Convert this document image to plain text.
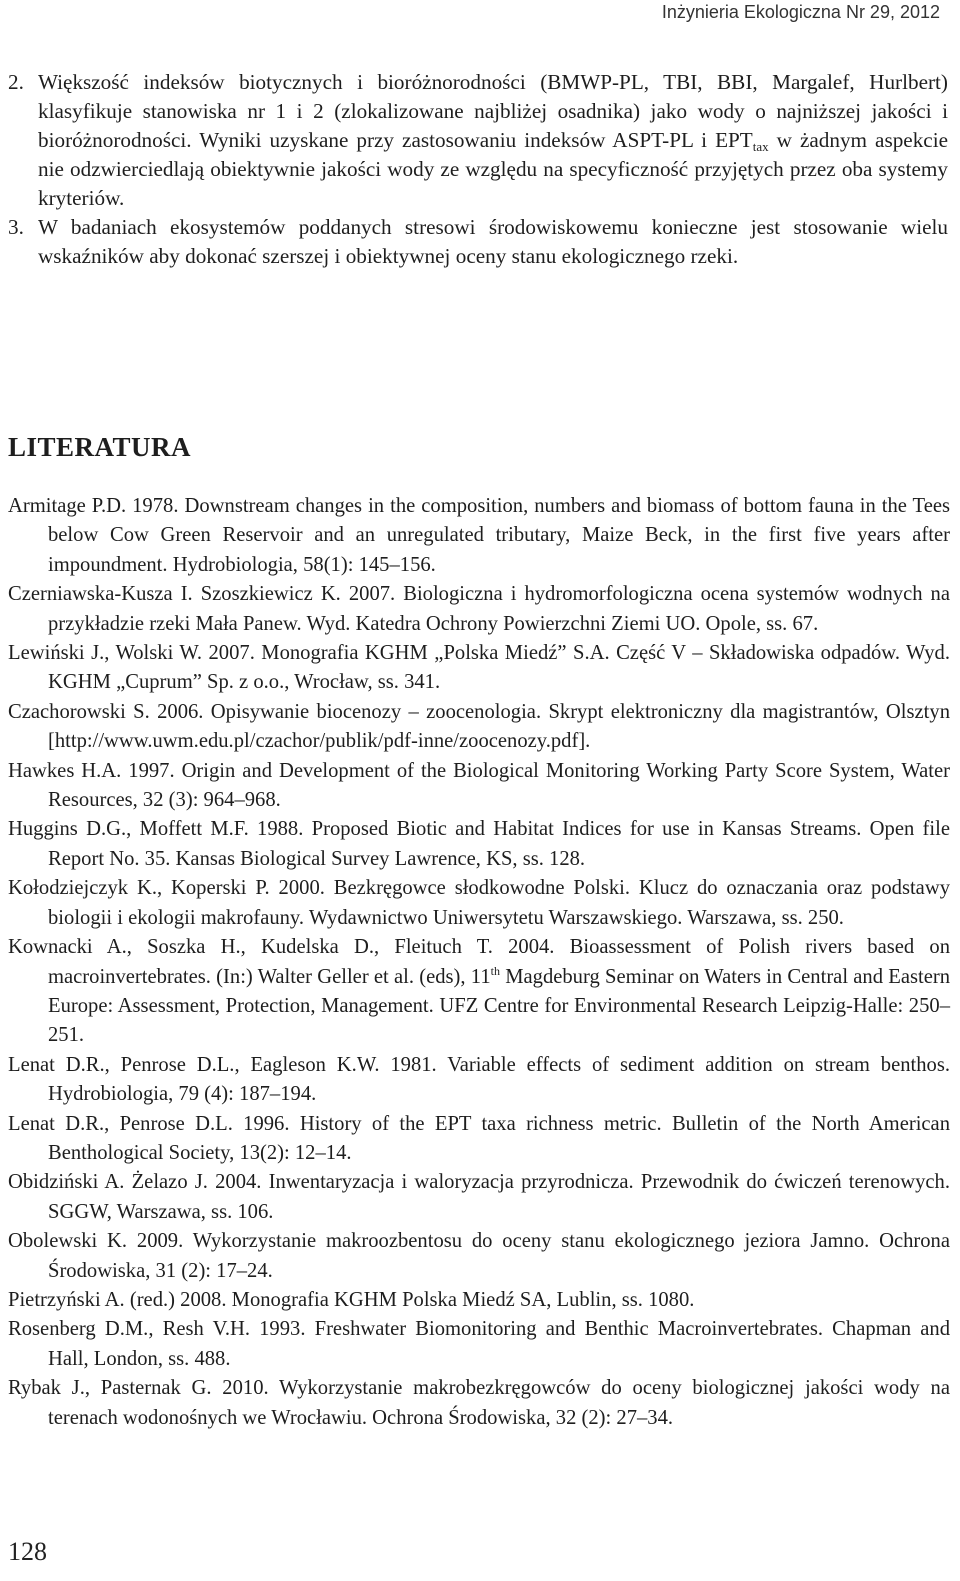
Inżynieria Ekologiczna Nr 29, 2012

2. Większość indeksów biotycznych i bioróżnorodności (BMWP-PL, TBI, BBI, Margalef, Hurlbert) klasyfikuje stanowiska nr 1 i 2 (zlokalizowane najbliżej osadnika) jako wody o najniższej jakości i bioróżnorodności. Wyniki uzyskane przy zastosowaniu indeksów ASPT-PL i $EPT_{tax}$ w żadnym aspekcie nie odzwierciedlają obiektywnie jakości wody ze względu na specyficzność przyjętych przez oba systemy kryteriów.

3. W badaniach ekosystemów poddanych stresowi środowiskowemu konieczne jest stosowanie wielu wskaźników aby dokonać szerszej i obiektywnej oceny stanu ekologicznego rzeki.

LITERATURA

Armitage P.D. 1978. Downstream changes in the composition, numbers and biomass of bottom fauna in the Tees below Cow Green Reservoir and an unregulated tributary, Maize Beck, in the first five years after impoundment. Hydrobiologia, 58(1): 145–156.

Czerniawska-Kusza I. Szoszkiewicz K. 2007. Biologiczna i hydromorfologiczna ocena systemów wodnych na przykładzie rzeki Mała Panew. Wyd. Katedra Ochrony Powierzchni Ziemi UO. Opole, ss. 67.

Lewiński J., Wolski W. 2007. Monografia KGHM „Polska Miedź” S.A. Część V – Składowiska odpadów. Wyd. KGHM „Cuprum” Sp. z o.o., Wrocław, ss. 341.

Czachorowski S. 2006. Opisywanie biocenozy – zoocenologia. Skrypt elektroniczny dla magistrantów, Olsztyn [http://www.uwm.edu.pl/czachor/publik/pdf-inne/zoocenozy.pdf].

Hawkes H.A. 1997. Origin and Development of the Biological Monitoring Working Party Score System, Water Resources, 32 (3): 964–968.

Huggins D.G., Moffett M.F. 1988. Proposed Biotic and Habitat Indices for use in Kansas Streams. Open file Report No. 35. Kansas Biological Survey Lawrence, KS, ss. 128.

Kołodziejczyk K., Koperski P. 2000. Bezkręgowce słodkowodne Polski. Klucz do oznaczania oraz podstawy biologii i ekologii makrofauny. Wydawnictwo Uniwersytetu Warszawskiego. Warszawa, ss. 250.

Kownacki A., Soszka H., Kudelska D., Fleituch T. 2004. Bioassessment of Polish rivers based on macroinvertebrates. (In:) Walter Geller et al. (eds), 11th Magdeburg Seminar on Waters in Central and Eastern Europe: Assessment, Protection, Management. UFZ Centre for Environmental Research Leipzig-Halle: 250–251.

Lenat D.R., Penrose D.L., Eagleson K.W. 1981. Variable effects of sediment addition on stream benthos. Hydrobiologia, 79 (4): 187–194.

Lenat D.R., Penrose D.L. 1996. History of the EPT taxa richness metric. Bulletin of the North American Benthological Society, 13(2): 12–14.

Obidziński A. Żelazo J. 2004. Inwentaryzacja i waloryzacja przyrodnicza. Przewodnik do ćwiczeń terenowych. SGGW, Warszawa, ss. 106.

Obolewski K. 2009. Wykorzystanie makroozbentosu do oceny stanu ekologicznego jeziora Jamno. Ochrona Środowiska, 31 (2): 17–24.

Pietrzyński A. (red.) 2008. Monografia KGHM Polska Miedź SA, Lublin, ss. 1080.

Rosenberg D.M., Resh V.H. 1993. Freshwater Biomonitoring and Benthic Macroinvertebrates. Chapman and Hall, London, ss. 488.

Rybak J., Pasternak G. 2010. Wykorzystanie makrobezkręgowców do oceny biologicznej jakości wody na terenach wodonośnych we Wrocławiu. Ochrona Środowiska, 32 (2): 27–34.

128
